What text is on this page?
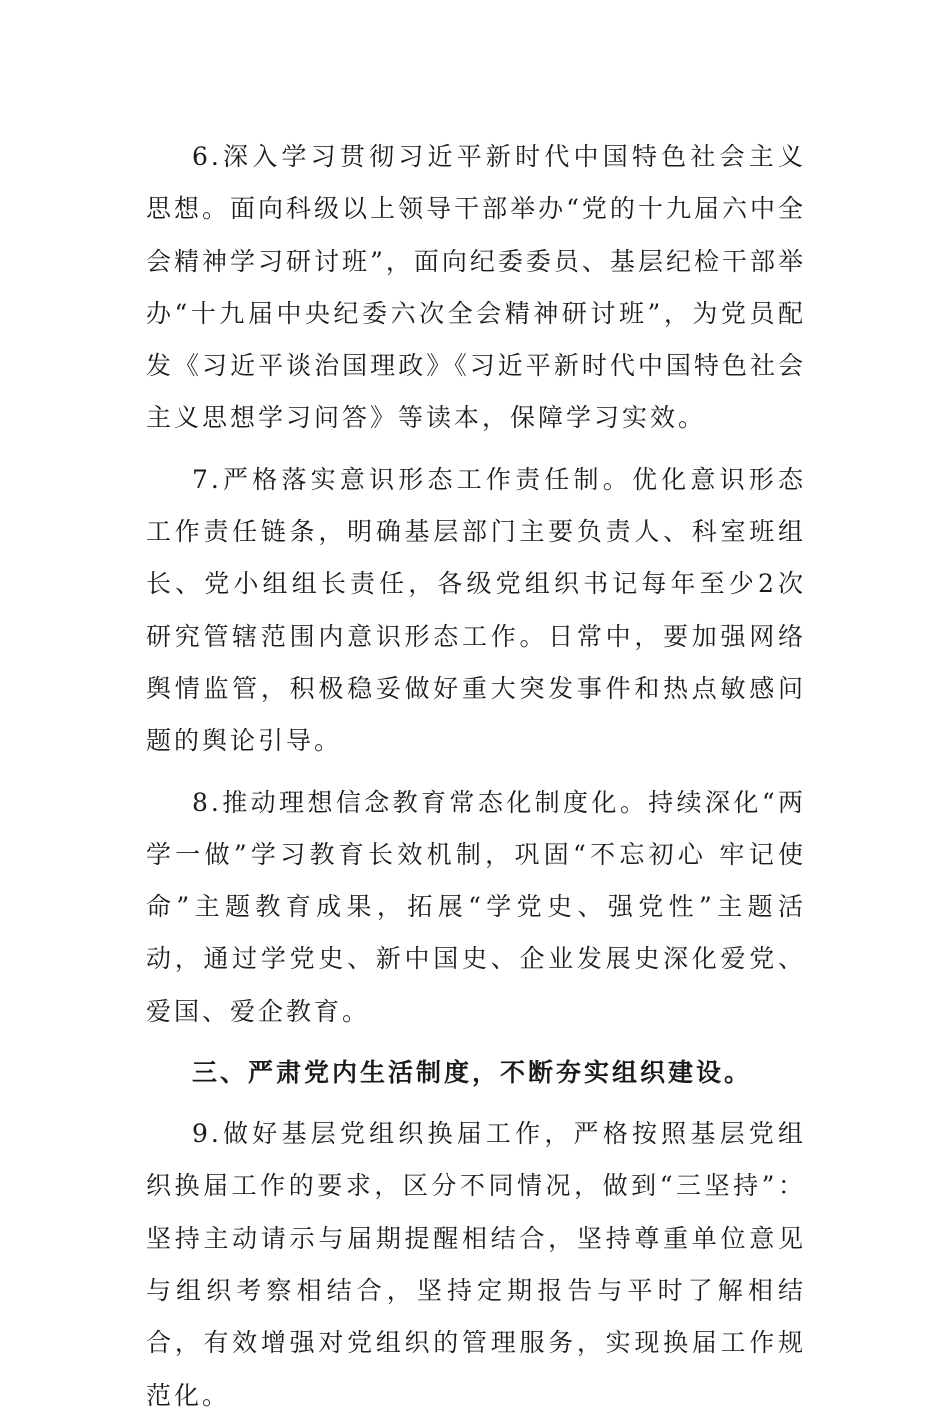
6.深入学习贯彻习近平新时代中国特色社会主义思想。面向科级以上领导干部举办“党的十九届六中全会精神学习研讨班”，面向纪委委员、基层纪检干部举办“十九届中央纪委六次全会精神研讨班”，为党员配发《习近平谈治国理政》《习近平新时代中国特色社会主义思想学习问答》等读本，保障学习实效。

7.严格落实意识形态工作责任制。优化意识形态工作责任链条，明确基层部门主要负责人、科室班组长、党小组组长责任，各级党组织书记每年至少2次研究管辖范围内意识形态工作。日常中，要加强网络舆情监管，积极稳妥做好重大突发事件和热点敏感问题的舆论引导。

8.推动理想信念教育常态化制度化。持续深化“两学一做”学习教育长效机制，巩固“不忘初心 牢记使命”主题教育成果，拓展“学党史、强党性”主题活动，通过学党史、新中国史、企业发展史深化爱党、爱国、爱企教育。

三、严肃党内生活制度，不断夯实组织建设。

9.做好基层党组织换届工作，严格按照基层党组织换届工作的要求，区分不同情况，做到“三坚持”：坚持主动请示与届期提醒相结合，坚持尊重单位意见与组织考察相结合，坚持定期报告与平时了解相结合，有效增强对党组织的管理服务，实现换届工作规范化。
